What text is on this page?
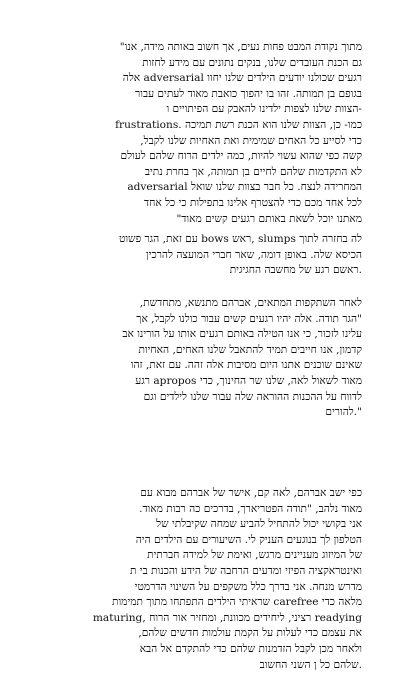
מתוך נקודת המבט פחות נעים, אך חשוב באותה מידה, אנו"
גם הכנת העובדים שלנו, בנקים נתונים עם מידע לחזות
רגעים שכולנו יודעים הילדים שלנו יחוו adversarial אלה
בגופם בן תמותה. זהו בו יהפוך כואבת מאוד לעתים עבור
-הצוות שלנו לצפות ילדינו להאבק עם הפיתויים ו
כמו- כן, הצוות שלנו הוא הכנת רשת תמיכה .frustrations
כדי לסייע כל האחים שמימית ואת האחיות שלנו לקבל,
קשה כפי שהוא עשוי להיות, כמה ילדים הרוח שלהם לעולם
לא התקדמות שלהם לחיים בן תמותה, אך בחרת נתיב
המחרידה לנצח. כל חבר בצוות שלנו שואל adversarial
לכל אחד מכם כדי להצטרף אלינו בתפילות כי כל אחד
מאתנו יוכל לשאת באותם רגעים קשים מאוד"
לה בחזרה לתוך slumps ,ראש bows עם זאת, הגר פשוט
הכיסא שלה. באופן דומה, שאר חברי המועצה להרכין
.ראשם רגע של מחשבה החגיגית
לאחר השתקפות המתאים, אברהם מתנשא, מתחדשת,
"הגר תודה. אלה יהיו רגעים קשים עבור כולנו לקבל, אך
עלינו לזכור, כי אנו הטילה באותם רגעים אותו על הורינו אב
קדמון, אנו חייבים תמיד להתאבל שלנו האחים, האחיות
שאינם שוכנים אתנו היום מסיבות אלה זהה. עם זאת, זהו
מאוד לשאול לאה, שלנו שר החינוך, כדי apropos רגע
לדווח על ההכנות ההוראה שלה עבור שלנו לילדים וגם
".להורים
כפי ישב אברהם, לאה קם, אישר של אברהם מבוא עם
מאוד נלהב, "תודה הפטריארך, בדרכים כה רבות מאוד.
אני בקושי יכול להתחיל להביע שמחה שקיבלתי של
הטלפון לך בנוגעים העניק לי. השיעורים עם הילדים היה
של המיזוג מעניינים מרגש, ואימת של למידה חברתית
ואינטראקציה הפיזי ומדעים הרחבה של הידע והכנות בי ת
מדרש מנחה. אני בדרך כלל משקפים על השינוי הדרמטי
מלאה כדי carefree שראיתי הילדים התפתחו מתוך תמימות
readying רציני, ליחידים מכוונת, ומחזיר אור הרוח ,maturing
את עצמם כדי לעלות על הקמת עולמות חדשים שלהם,
ולאחר מכן לקבל הזדמנות שלהם כדי להתקדם אל הבא
.שלהם כל ן השני החשוב
